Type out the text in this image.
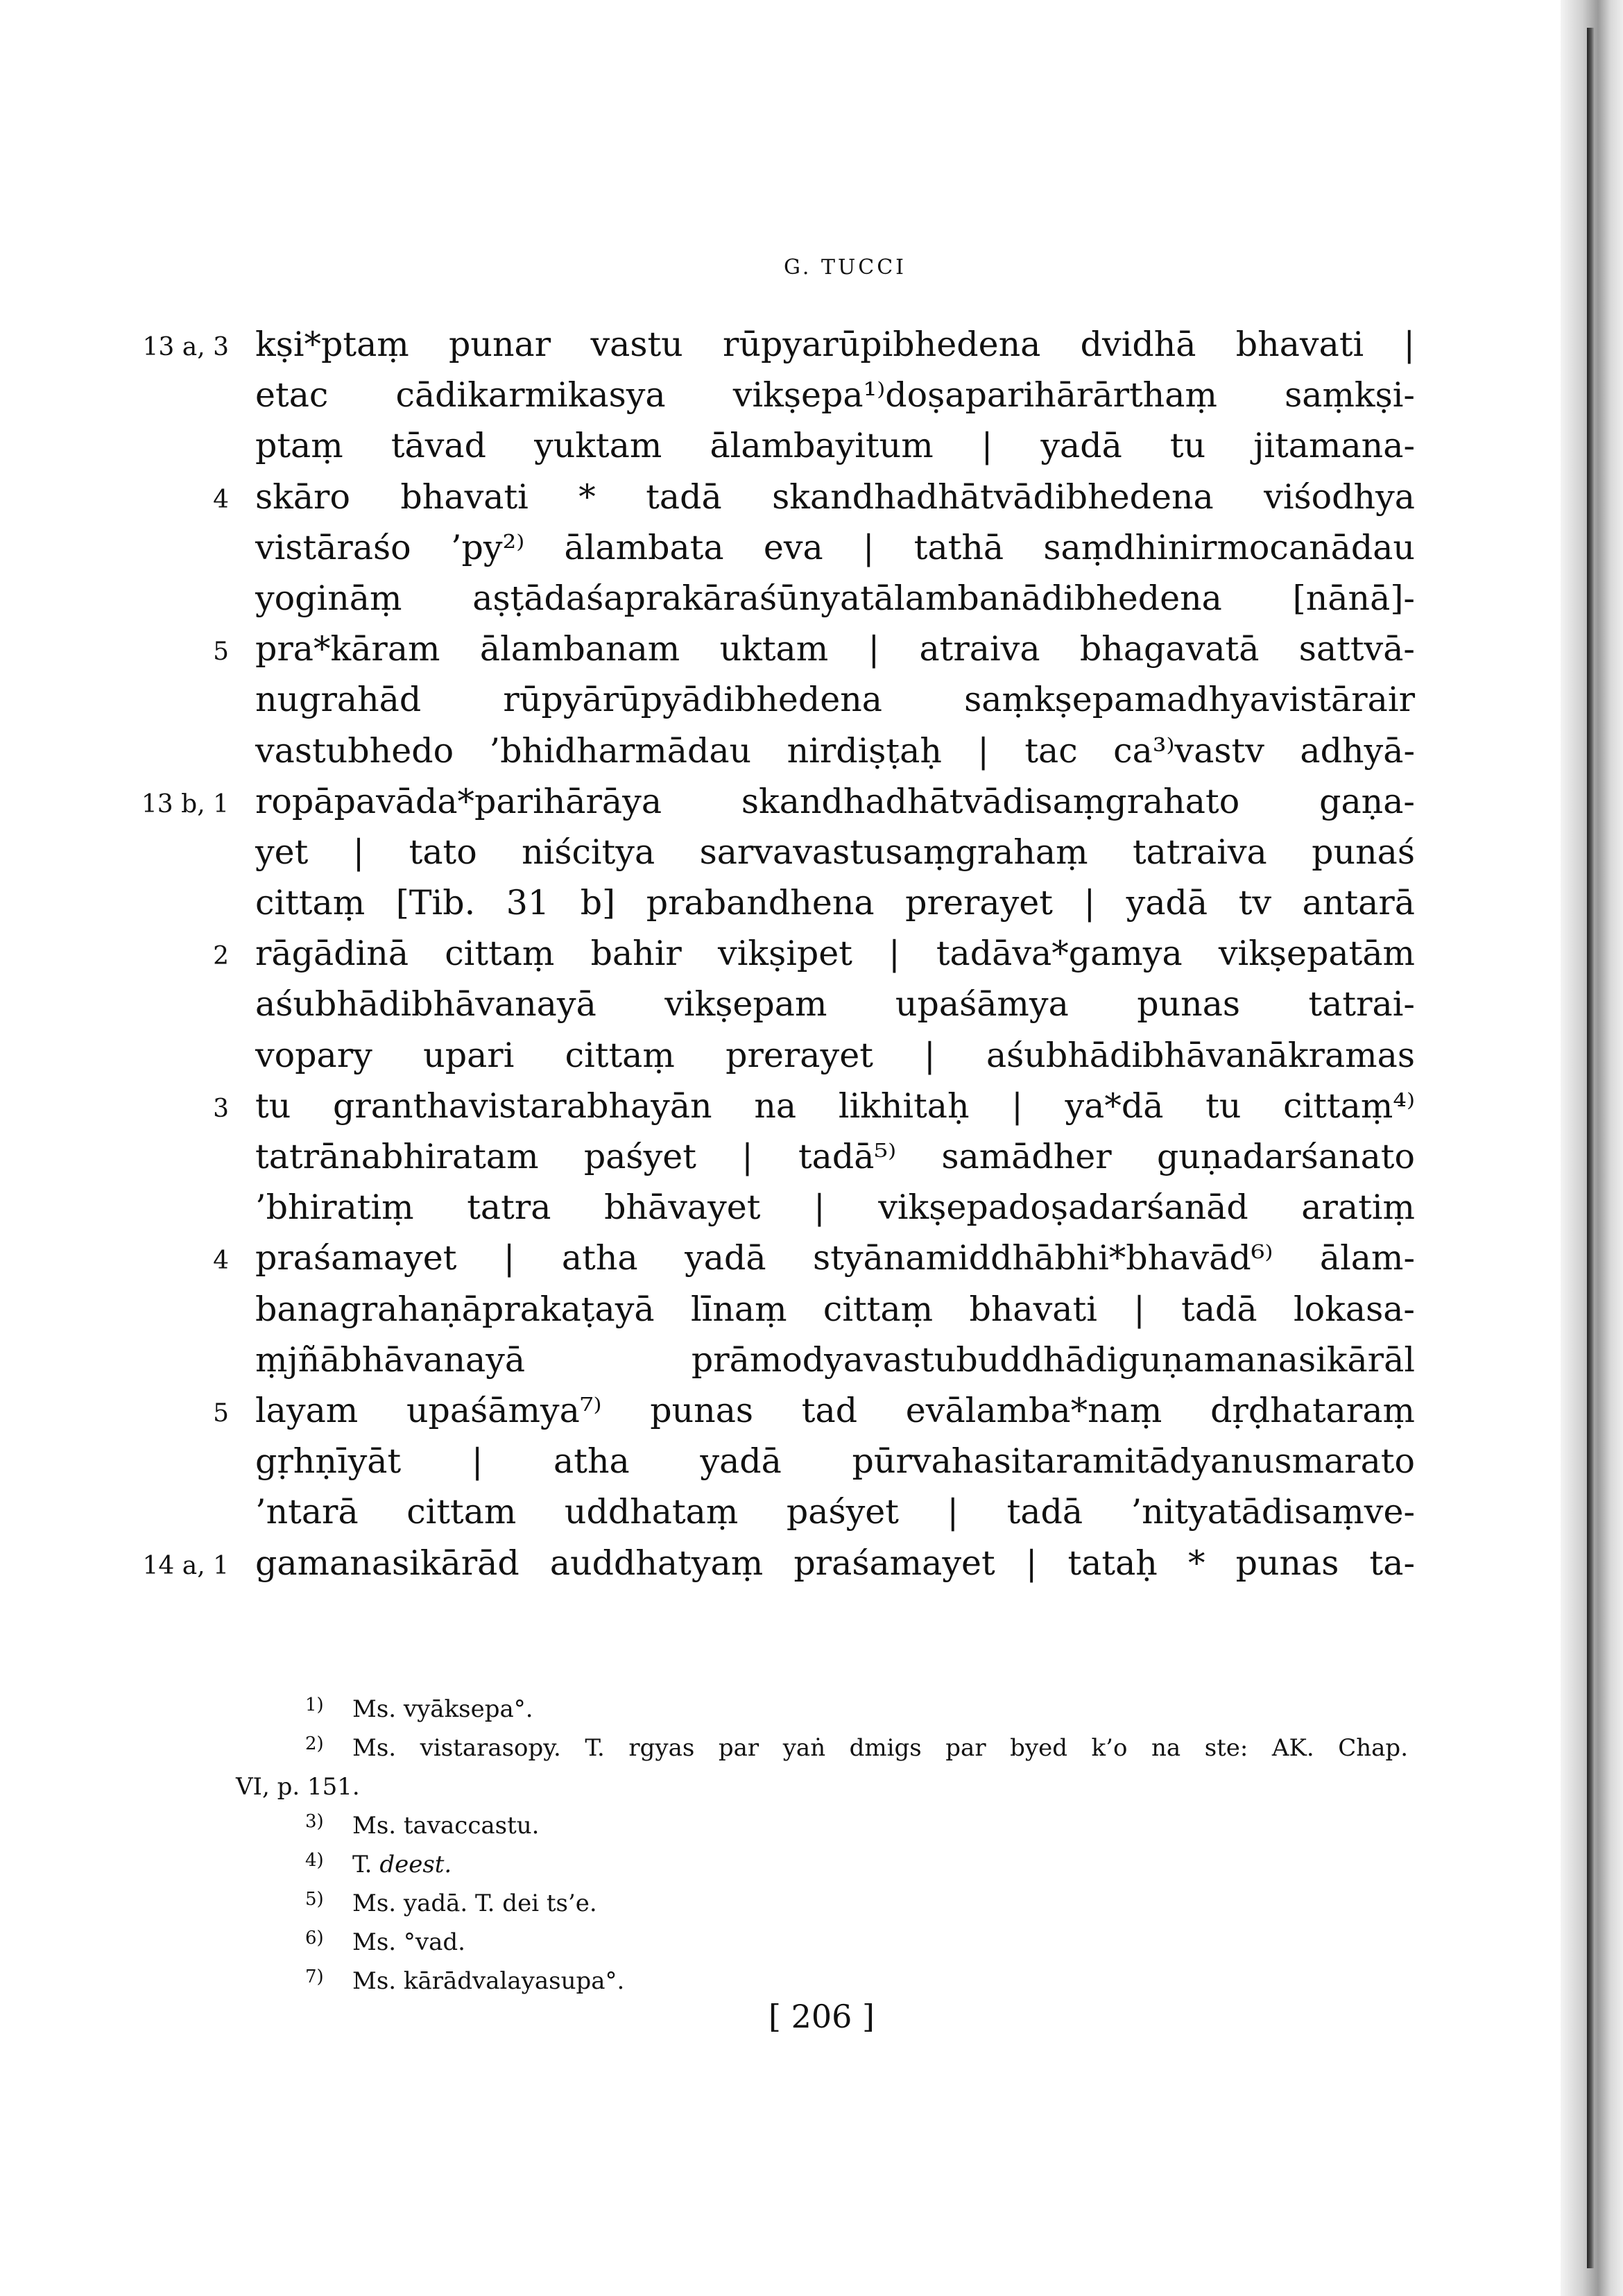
G. TUCCI
13 a, 3 kṣi*ptaṃ punar vastu rūpyarūpibhedena dvidhā bhavati |
etac cādikarmikasya vikṣepa¹⁾doṣaparihārārthaṃ saṃkṣi-
ptaṃ tāvad yuktam ālambayitum | yadā tu jitamana-
4 skāro bhavati * tadā skandhadhātvādibhedena viśodhya
vistāraśo ’py²⁾ ālambata eva | tathā saṃdhinirmocanādau
yogināṃ aṣṭādaśaprakāraśūnyatālambanādibhedena [nānā]-
5 pra*kāram ālambanam uktam | atraiva bhagavatā sattvā-
nugrahād rūpyārūpyādibhedena saṃkṣepamadhyavistārair
vastubhedo ’bhidharmādau nirdiṣṭaḥ | tac ca³⁾vastv adhyā-
13 b, 1 ropāpavāda*parihārāya skandhadhātvādisaṃgrahato gaṇa-
yet | tato niścitya sarvavastusaṃgrahaṃ tatraiva punaś
cittaṃ [Tib. 31 b] prabandhena prerayet | yadā tv antarā
2 rāgādinā cittaṃ bahir vikṣipet | tadāva*gamya vikṣepatām
aśubhādibhāvanayā vikṣepam upaśāmya punas tatrai-
vopary upari cittaṃ prerayet | aśubhādibhāvanākramas
3 tu granthavistarabhayān na likhitaḥ | ya*dā tu cittaṃ⁴⁾
tatrānabhiratam paśyet | tadā⁵⁾ samādher guṇadarśanato
’bhiratiṃ tatra bhāvayet | vikṣepadoṣadarśanād aratiṃ
4 praśamayet | atha yadā styānamiddhābhi*bhavād⁶⁾ ālam-
banagrahaṇāprakaṭayā līnaṃ cittaṃ bhavati | tadā lokasa-
ṃjñābhāvanayā prāmodyavastubuddhādiguṇamanasikārāl
5 layam upaśāmya⁷⁾ punas tad evālamba*naṃ dṛḍhataraṃ
gṛhṇīyāt | atha yadā pūrvahasitaramitādyanusmarato
’ntarā cittam uddhataṃ paśyet | tadā ’nityatādisaṃve-
14 a, 1 gamanasikārād auddhatyaṃ praśamayet | tataḥ * punas ta-
1) Ms. vyāksepa°.
2) Ms. vistarasopy. T. rgyas par yaṅ dmigs par byed k’o na ste: AK. Chap.
VI, p. 151.
3) Ms. tavaccastu.
4) T. deest.
5) Ms. yadā. T. dei ts’e.
6) Ms. °vad.
7) Ms. kārādvalayasupa°.
[ 206 ]
